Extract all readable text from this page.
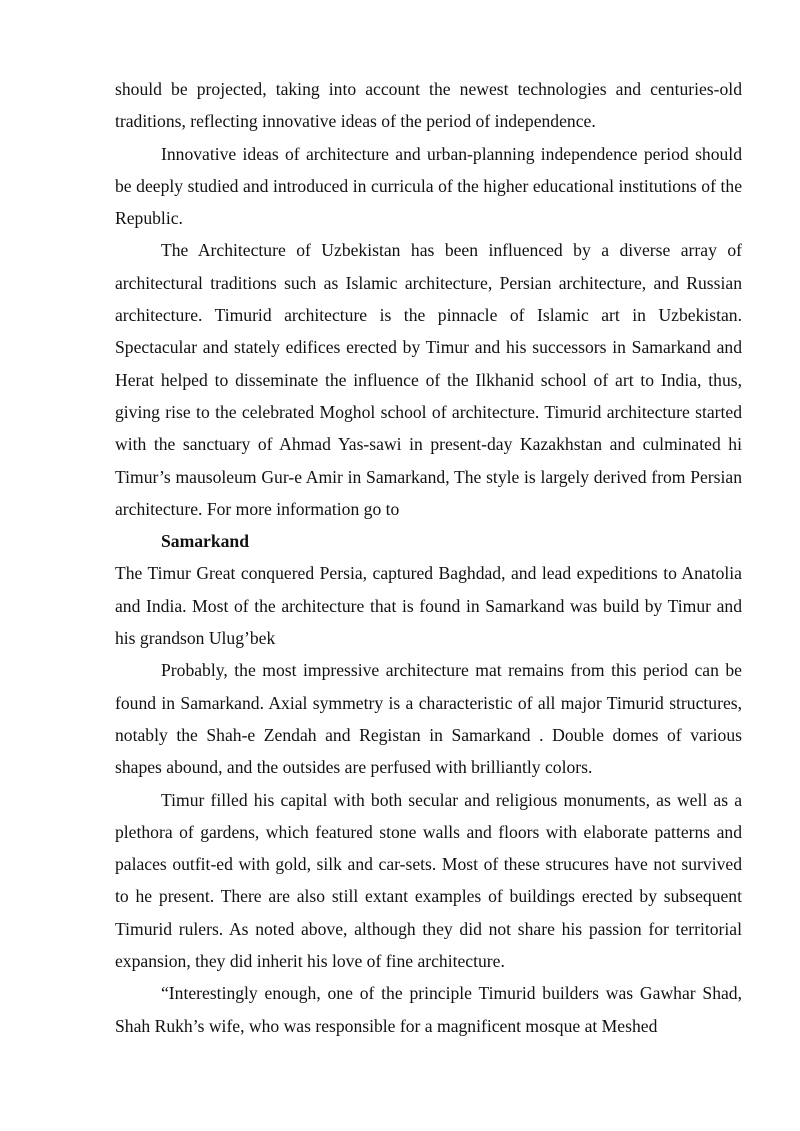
should be projected, taking into account the newest technologies and centuries-old traditions, reflecting innovative ideas of the period of independence.

Innovative ideas of architecture and urban-planning independence period should be deeply studied and introduced in curricula of the higher educational institutions of the Republic.

The Architecture of Uzbekistan has been influenced by a diverse array of architectural traditions such as Islamic architecture, Persian architecture, and Russian architecture. Timurid architecture is the pinnacle of Islamic art in Uzbekistan. Spectacular and stately edifices erected by Timur and his successors in Samarkand and Herat helped to disseminate the influence of the Ilkhanid school of art to India, thus, giving rise to the celebrated Moghol school of architecture. Timurid architecture started with the sanctuary of Ahmad Yas-sawi in present-day Kazakhstan and culminated hi Timur’s mausoleum Gur-e Amir in Samarkand, The style is largely derived from Persian architecture. For more information go to

Samarkand

The Timur Great conquered Persia, captured Baghdad, and lead expeditions to Anatolia and India. Most of the architecture that is found in Samarkand was build by Timur and his grandson Ulug’bek

Probably, the most impressive architecture mat remains from this period can be found in Samarkand. Axial symmetry is a characteristic of all major Timurid structures, notably the Shah-e Zendah and Registan in Samarkand . Double domes of various shapes abound, and the outsides are perfused with brilliantly colors.

Timur filled his capital with both secular and religious monuments, as well as a plethora of gardens, which featured stone walls and floors with elaborate patterns and palaces outfit-ed with gold, silk and car-sets. Most of these strucures have not survived to he present. There are also still extant examples of buildings erected by subsequent Timurid rulers. As noted above, although they did not share his passion for territorial expansion, they did inherit his love of fine architecture.

“Interestingly enough, one of the principle Timurid builders was Gawhar Shad, Shah Rukh’s wife, who was responsible for a magnificent mosque at Meshed
